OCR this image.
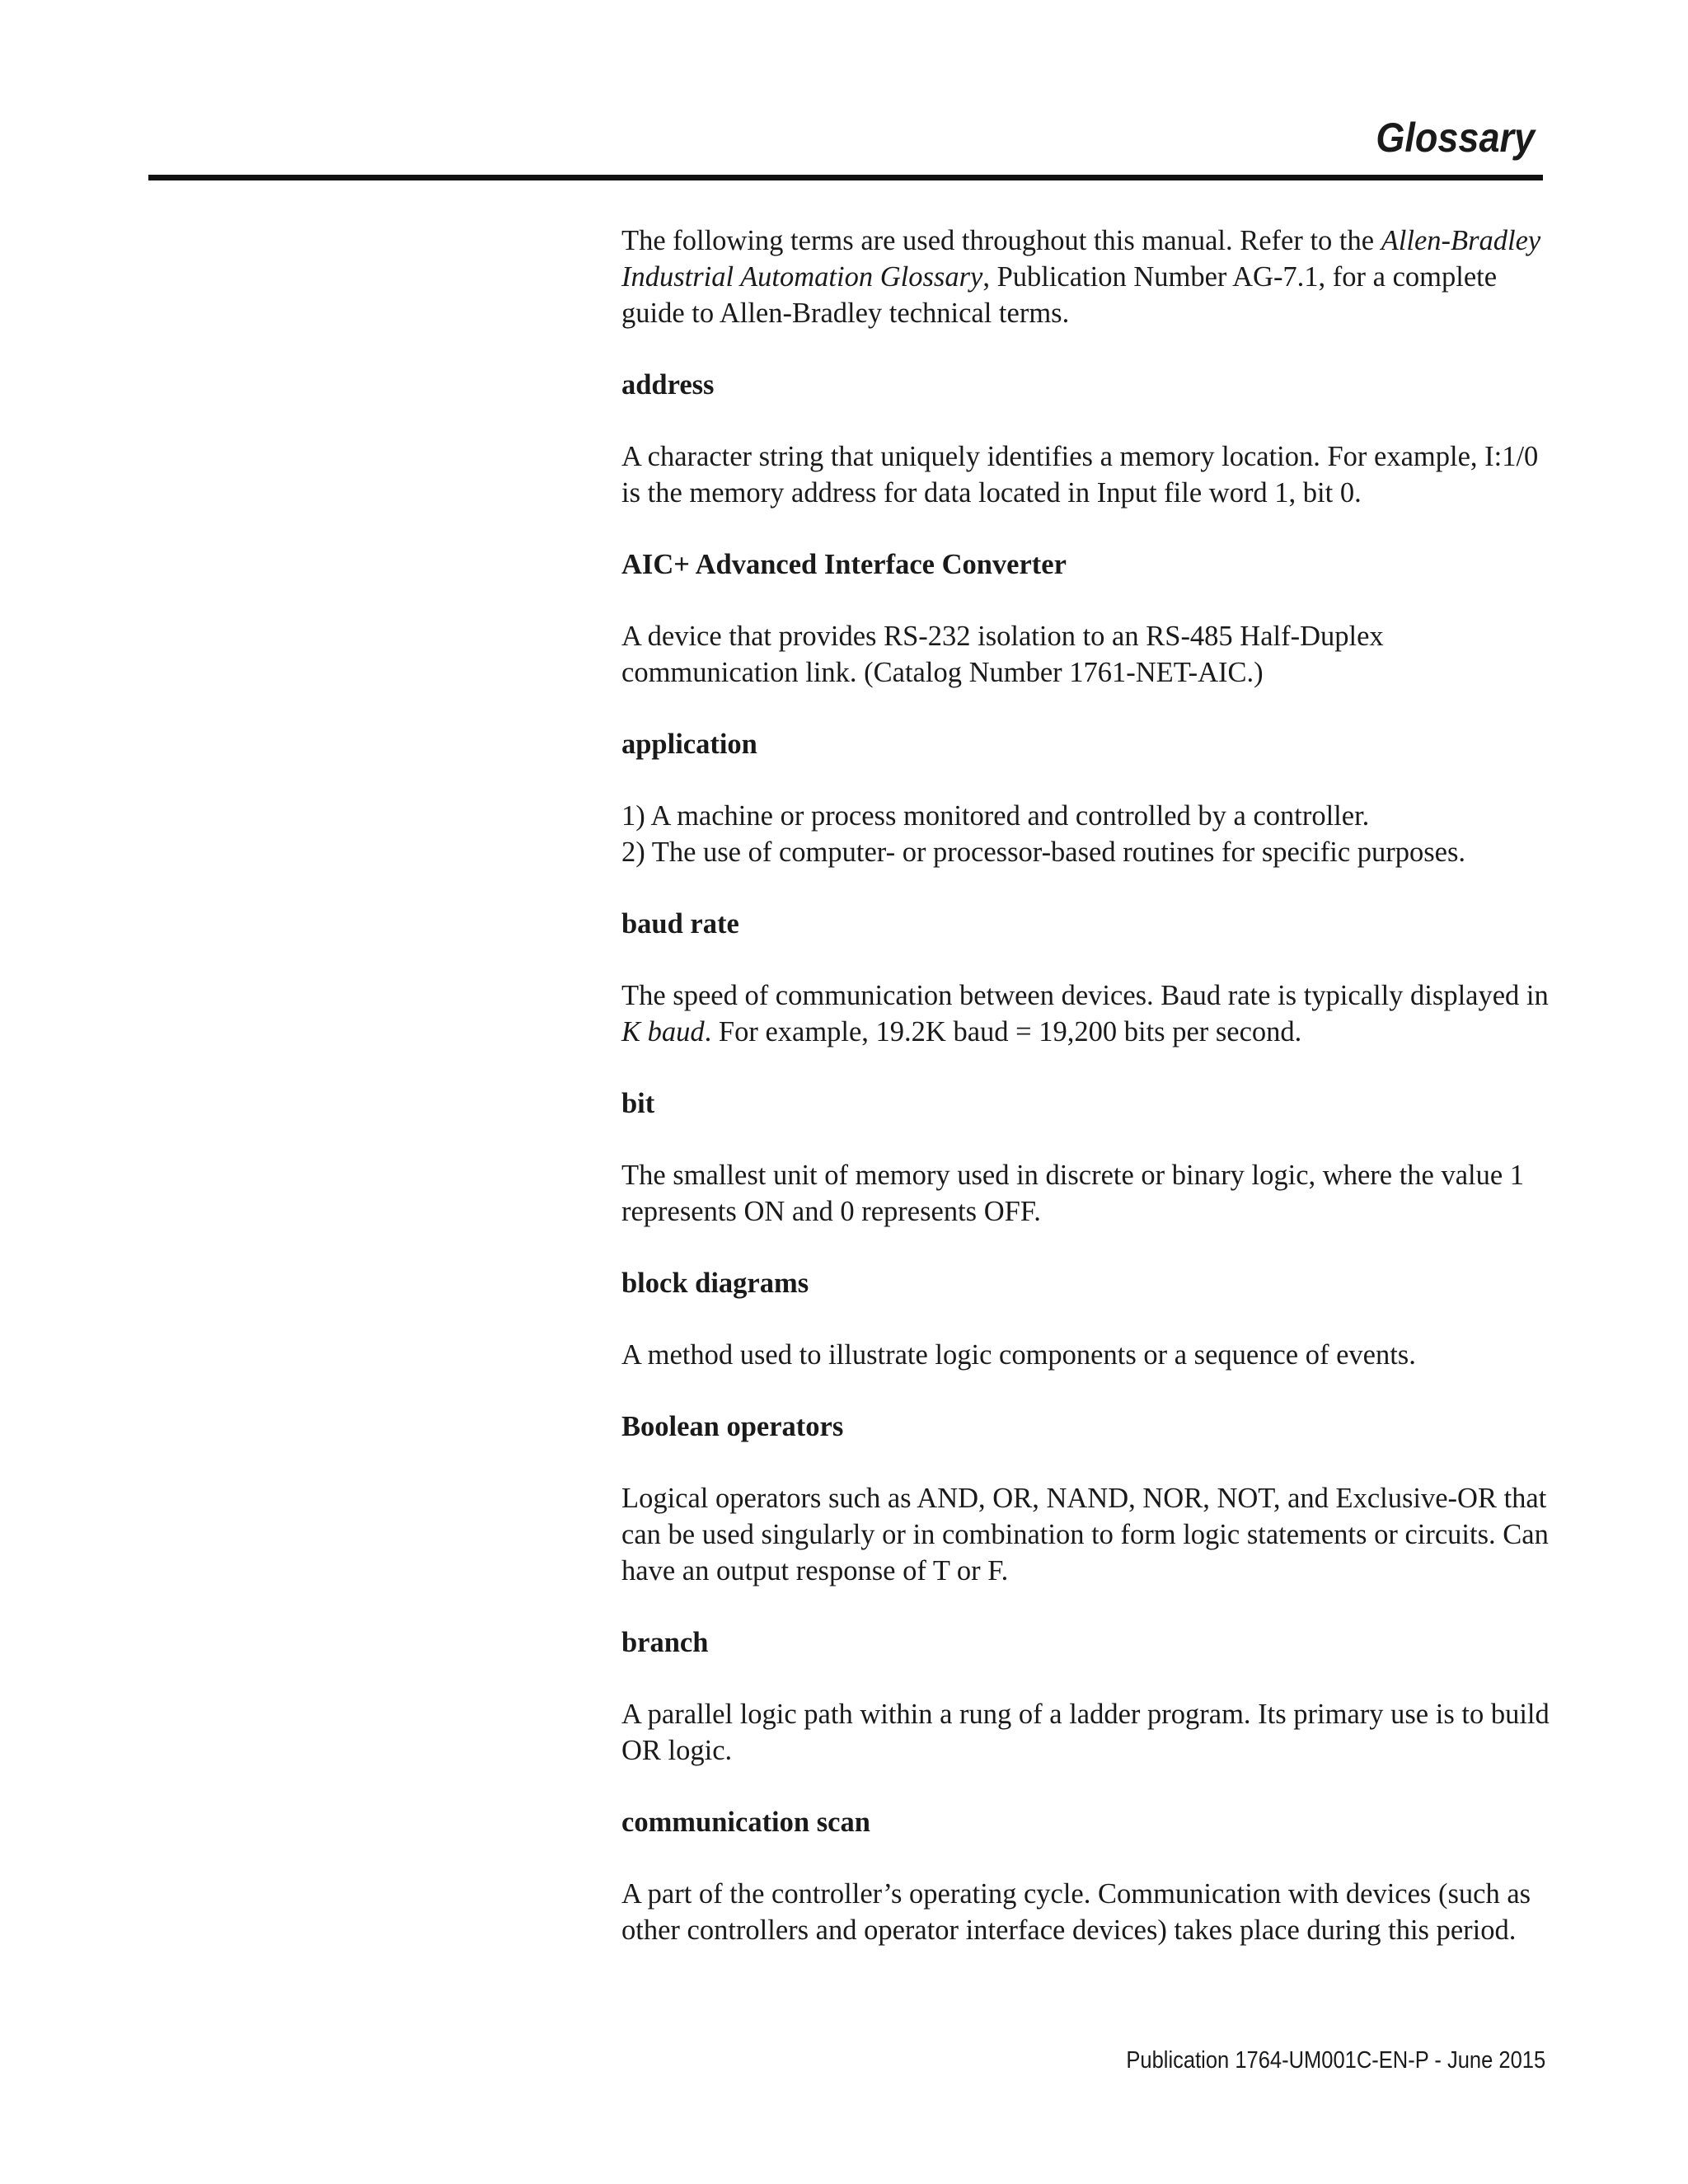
Glossary

The following terms are used throughout this manual. Refer to the Allen-Bradley Industrial Automation Glossary, Publication Number AG-7.1, for a complete guide to Allen-Bradley technical terms.

address

A character string that uniquely identifies a memory location. For example, I:1/0 is the memory address for data located in Input file word 1, bit 0.

AIC+ Advanced Interface Converter

A device that provides RS-232 isolation to an RS-485 Half-Duplex communication link. (Catalog Number 1761-NET-AIC.)

application

1) A machine or process monitored and controlled by a controller.
2) The use of computer- or processor-based routines for specific purposes.

baud rate

The speed of communication between devices. Baud rate is typically displayed in K baud. For example, 19.2K baud = 19,200 bits per second.

bit

The smallest unit of memory used in discrete or binary logic, where the value 1 represents ON and 0 represents OFF.

block diagrams

A method used to illustrate logic components or a sequence of events.

Boolean operators

Logical operators such as AND, OR, NAND, NOR, NOT, and Exclusive-OR that can be used singularly or in combination to form logic statements or circuits. Can have an output response of T or F.

branch

A parallel logic path within a rung of a ladder program. Its primary use is to build OR logic.

communication scan

A part of the controller’s operating cycle. Communication with devices (such as other controllers and operator interface devices) takes place during this period.

Publication 1764-UM001C-EN-P - June 2015
